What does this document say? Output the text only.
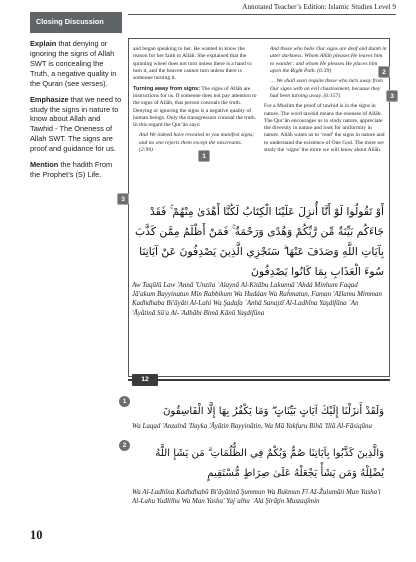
Annotated Teacher’s Edition: Islamic Studies Level 9
Closing Discussion

Explain that denying or ignoring the signs of Allah SWT is concealing the Truth, a negative quality in the Quran (see verses).

Emphasize that we need to study the signs in nature to know about Allah and Tawhid - The Oneness of Allah SWT. The signs are proof and guidance for us.

Mention the hadith From the Prophet’s (S) Life.

and began speaking to her. He wanted to know the reason for her faith in Allāh. She explained that the spinning wheel does not turn unless there is a hand to turn it, and the heaven cannot turn unless there is someone turning it.

Turning away from signs: The signs of Allāh are instructions for us. If someone does not pay attention to the signs of Allāh, that person conceals the truth. Denying or ignoring the signs is a negative quality of human beings. Only the transgressors conceal the truth. In this regard the Qur’ān says:

And We indeed have revealed to you manifest signs; and no one rejects them except the miscreants. (2:99)

And those who belie Our signs are deaf and dumb in utter darkness. Whom Allāh pleases He leaves him to wander; and whom He pleases He places him upon the Right Path. (6:39)

… We shall soon requite those who turn away from Our signs with an evil chastisement, because they had been turning away. (6:157)

For a Muslim the proof of tawhid is in the signs in nature. The word tawhid means the oneness of Allāh. The Qur’ān encourages us to study nature, appreciate the diversity in nature and look for uniformity in nature. Allāh wants us to ‘read’ the signs in nature and to understand the existence of One God. The more we study the ‘signs’ the more we will know about Allāh.

1
2
3
3
أَوْ تَقُولُوا لَوْ أَنَّا أُنزِلَ عَلَيْنَا الْكِتَابُ لَكُنَّا أَهْدَىٰ مِنْهُمْ ۚ فَقَدْ جَاءَكُم بَيِّنَةٌ مِّن رَّبِّكُمْ وَهُدًى وَرَحْمَةٌ ۚ فَمَنْ أَظْلَمُ مِمَّن كَذَّبَ بِآيَاتِ اللَّهِ وَصَدَفَ عَنْهَا ۗ سَنَجْزِي الَّذِينَ يَصْدِفُونَ عَنْ آيَاتِنَا سُوءَ الْعَذَابِ بِمَا كَانُوا يَصْدِفُونَ
Aw Taqūlū Law 'Annā 'Unzila `Alaynā Al-Kitābu Lakunnā 'Ahdá Minhum Faqad Jā'akum Bayyinatun Min Rabbikum Wa Hudáan Wa Raĥmatun, Faman 'Ažlamu Mimman Kadhdhaba Bi'āyāti Al-Lahi Wa Şadafa `Anhā Sanajzī Al-Ladhīna Yaşdifūna `An 'Āyātinā Sū'a Al-`Adhābi Bimā Kānū Yaşdifūna
12
1
وَلَقَدْ أَنزَلْنَا إِلَيْكَ آيَاتٍ بَيِّنَاتٍ ۖ وَمَا يَكْفُرُ بِهَا إِلَّا الْفَاسِقُونَ
Wa Laqad 'Anzalnā 'Ilayka 'Āyātin Bayyinātin, Wa Mā Yakfuru Bihā 'Illā Al-Fāsiqūna
2
وَالَّذِينَ كَذَّبُوا بِآيَاتِنَا صُمٌّ وَبُكْمٌ فِي الظُّلُمَاتِ ۗ مَن يَشَإِ اللَّهُ يُضْلِلْهُ وَمَن يَشَأْ يَجْعَلْهُ عَلَىٰ صِرَاطٍ مُّسْتَقِيمٍ
Wa Al-Ladhīna Kadhdhabū Bi'āyātinā Şummun Wa Bukmun Fī Až-Žulumāti Man Yasha'i Al-Lahu Yuđlilhu Wa Man Yasha' Yaj`alhu `Alá Şirāţin Mustaqīmin
10
